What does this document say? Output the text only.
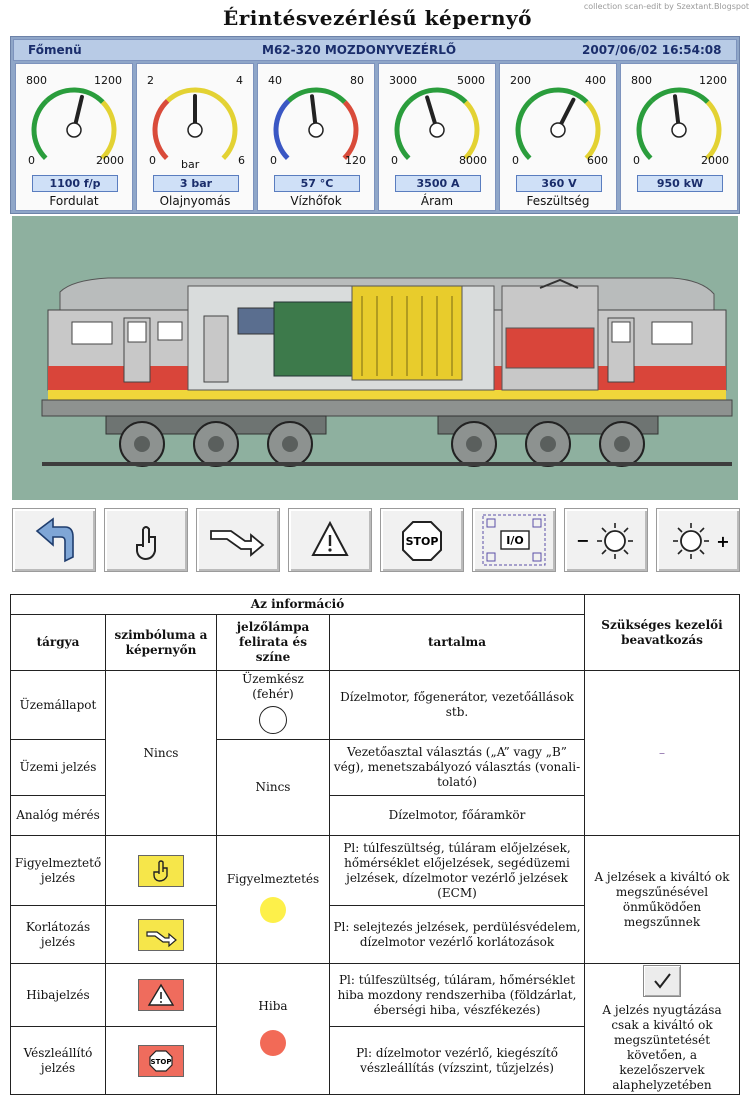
collection scan-edit by Szextant.Blogspot
Érintésvezérlésű képernyő
Főmenü	M62-320 MOZDONYVEZÉRLŐ	2007/06/02 16:54:08
800	1200
0	2000
1100 f/p
Fordulat
2	4
0	6
bar
3 bar
Olajnyomás
40	80
0	120
57 °C
Vízhőfok
3000	5000
0	8000
3500 A
Áram
200	400
0	600
360 V
Feszültség
800	1200
0	2000
950 kW
STOP	I/O	−	+
Az információ				Szükséges kezelői beavatkozás
tárgya	szimbóluma a képernyőn	jelzőlámpa felirata és színe	tartalma	
Üzemállapot	Nincs	Üzemkész (fehér)	Dízelmotor, főgenerátor, vezetőállások stb.	–
Üzemi jelzés		Nincs	Vezetőasztal választás („A” vagy „B” vég), menetszabályozó választás (vonali-tolató)	
Analóg mérés			Dízelmotor, főáramkör	
Figyelmeztető jelzés		Figyelmeztetés	Pl: túlfeszültség, túláram előjelzések, hőmérséklet előjelzések, segédüzemi jelzések, dízelmotor vezérlő jelzések (ECM)	A jelzések a kiváltó ok megszűnésével önműködően megszűnnek
Korlátozás jelzés			Pl: selejtezés jelzések, perdülésvédelem, dízelmotor vezérlő korlátozások	
Hibajelzés		Hiba	Pl: túlfeszültség, túláram, hőmérséklet hiba mozdony rendszerhiba (földzárlat, éberségi hiba, vészfékezés)	A jelzés nyugtázása csak a kiváltó ok megszüntetését követően, a kezelőszervek alaphelyzetében

Vészleállító jelzés	STOP		Pl: dízelmotor vezérlő, kiegészítő vészleállítás (vízszint, tűzjelzés)	
